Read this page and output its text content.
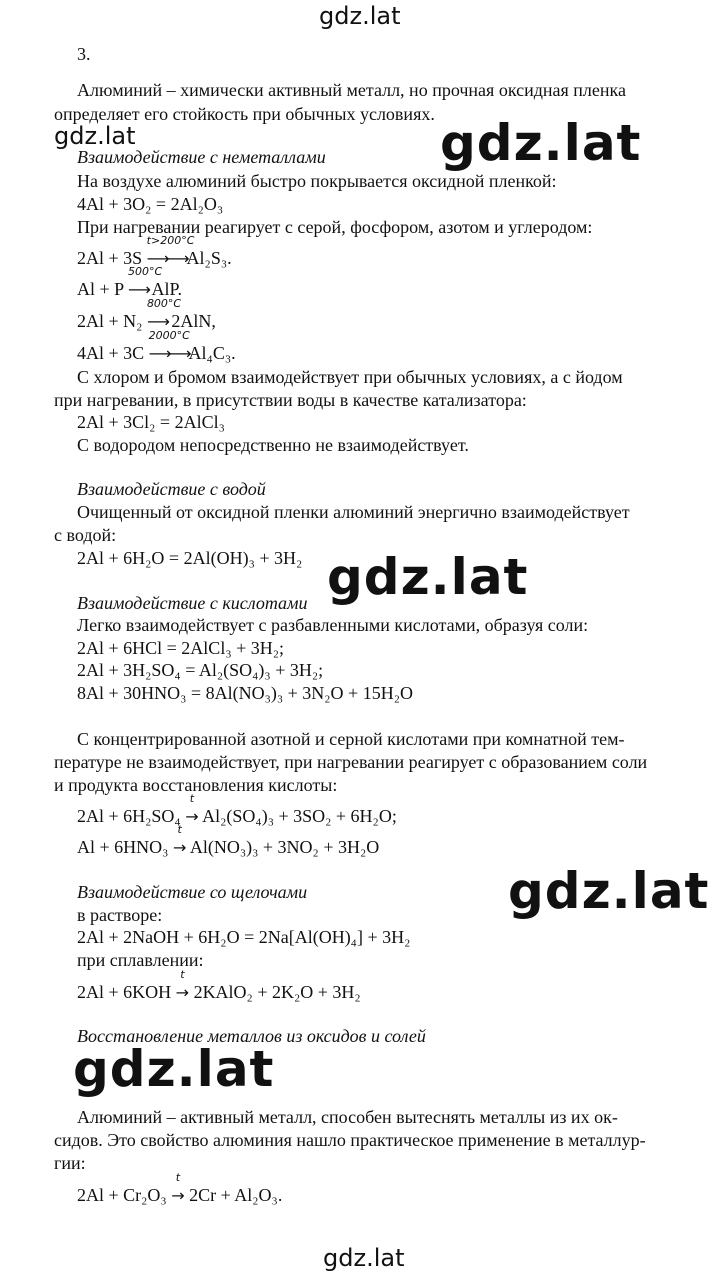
gdz.lat
gdz.lat	gdz.lat
gdz.lat
gdz.lat
gdz.lat
gdz.lat
3.
Алюминий – химически активный металл, но прочная оксидная пленка
определяет его стойкость при обычных условиях.
Взаимодействие с неметаллами
На воздухе алюминий быстро покрывается оксидной пленкой:
4Al + 3O₂ = 2Al₂O₃
При нагревании реагирует с серой, фосфором, азотом и углеродом:
2Al + 3S
t>200°C
⟶⟶Al₂S₃.
Al + P
500°C
⟶ AlP.
2Al + N₂
800°C
⟶ 2AlN,
4Al + 3C
2000°C
⟶⟶Al₄C₃.
С хлором и бромом взаимодействует при обычных условиях, а с йодом
при нагревании, в присутствии воды в качестве катализатора:
2Al + 3Cl₂ = 2AlCl₃
С водородом непосредственно не взаимодействует.
Взаимодействие с водой
Очищенный от оксидной пленки алюминий энергично взаимодействует
с водой:
2Al + 6H₂O = 2Al(OH)₃ + 3H₂
Взаимодействие с кислотами
Легко взаимодействует с разбавленными кислотами, образуя соли:
2Al + 6HCl = 2AlCl₃ + 3H₂;
2Al + 3H₂SO₄ = Al₂(SO₄)₃ + 3H₂;
8Al + 30HNO₃ = 8Al(NO₃)₃ + 3N₂O + 15H₂O
С концентрированной азотной и серной кислотами при комнатной тем-
пературе не взаимодействует, при нагревании реагирует с образованием соли
и продукта восстановления кислоты:
2Al + 6H₂SO₄
t
→ Al₂(SO₄)₃ + 3SO₂ + 6H₂O;
Al + 6HNO₃
t
→ Al(NO₃)₃ + 3NO₂ + 3H₂O
Взаимодействие со щелочами
в растворе:
2Al + 2NaOH + 6H₂O = 2Na[Al(OH)₄] + 3H₂
при сплавлении:
2Al + 6KOH
t
→ 2KAlO₂ + 2K₂O + 3H₂
Восстановление металлов из оксидов и солей
Алюминий – активный металл, способен вытеснять металлы из их ок-
сидов. Это свойство алюминия нашло практическое применение в металлур-
гии:
2Al + Cr₂O₃
t
→ 2Cr + Al₂O₃.
